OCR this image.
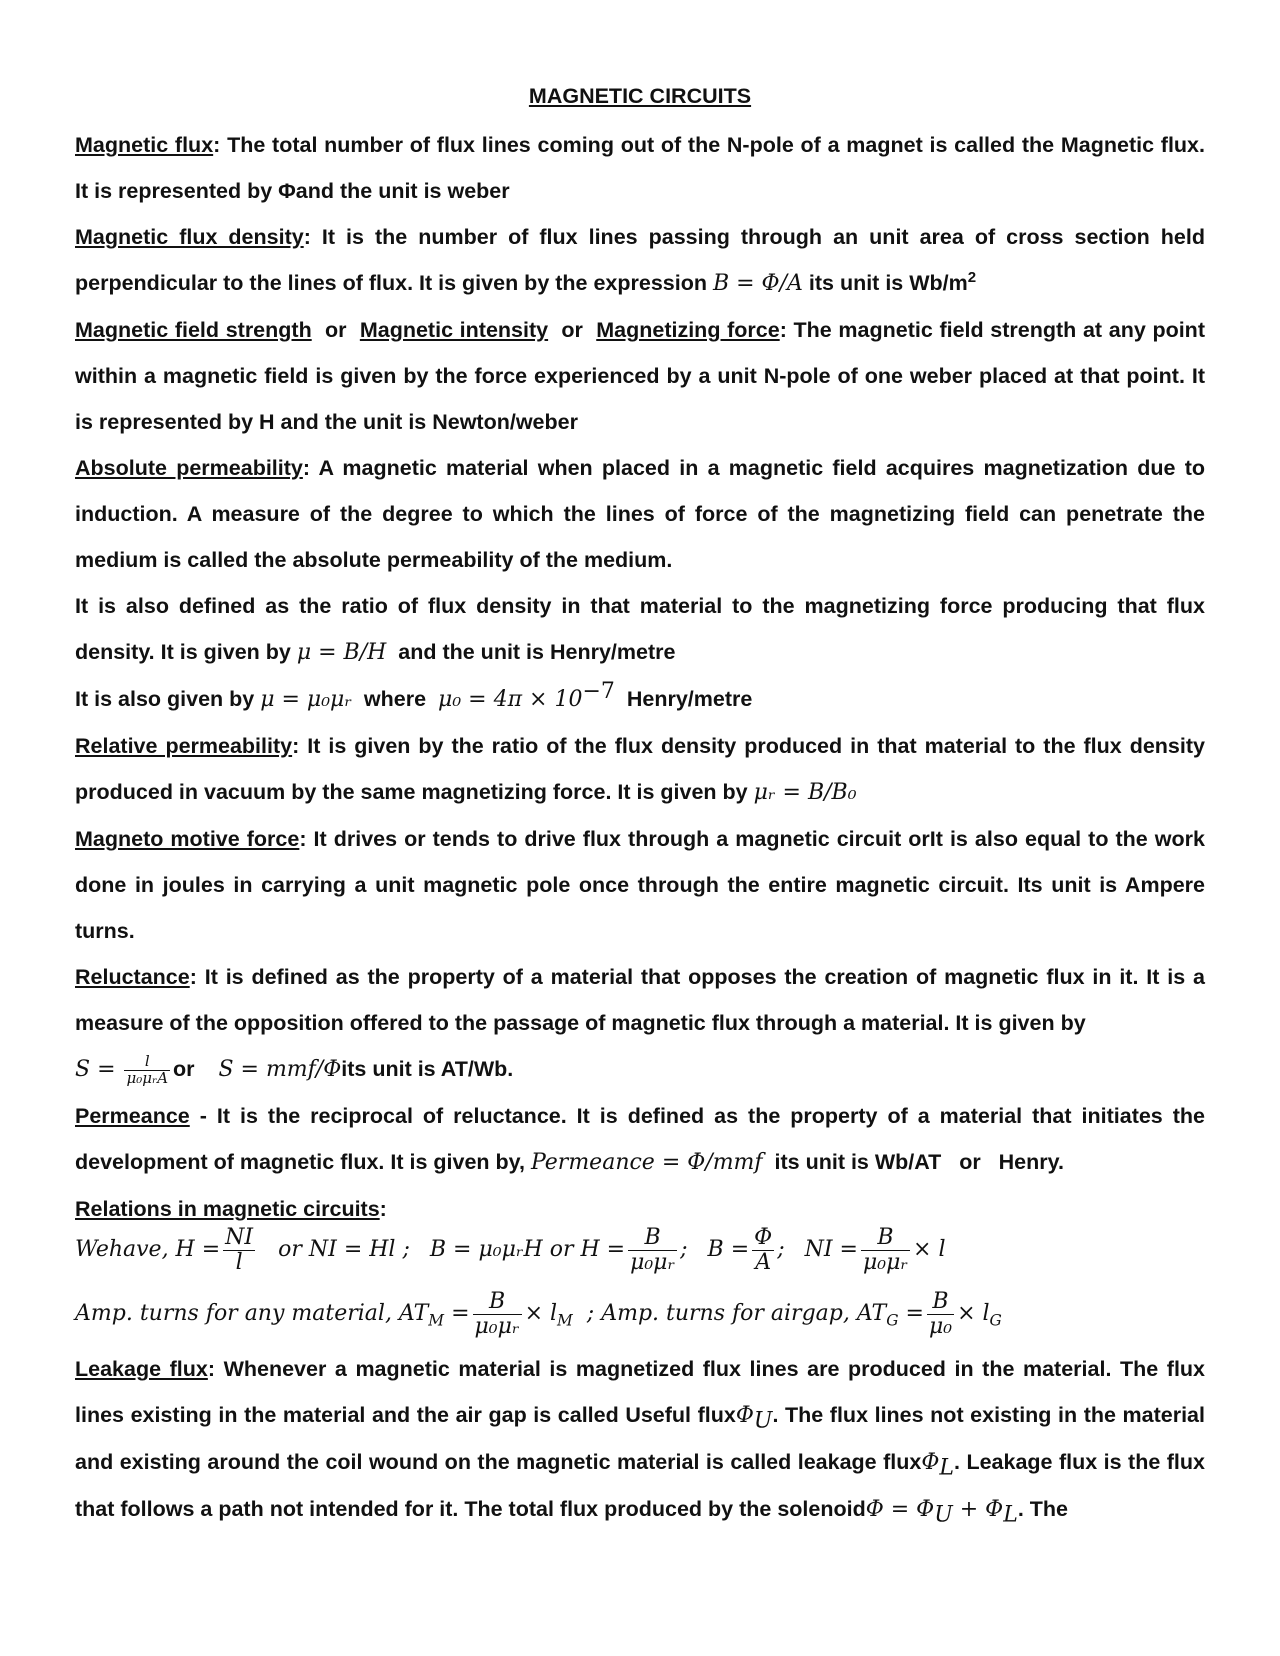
MAGNETIC CIRCUITS
Magnetic flux: The total number of flux lines coming out of the N-pole of a magnet is called the Magnetic flux. It is represented by Φand the unit is weber
Magnetic flux density: It is the number of flux lines passing through an unit area of cross section held perpendicular to the lines of flux. It is given by the expression B = Φ/A its unit is $Wb/m^2$
Magnetic field strength  or  Magnetic intensity  or  Magnetizing force: The magnetic field strength at any point within a magnetic field is given by the force experienced by a unit N-pole of one weber placed at that point. It is represented by H and the unit is Newton/weber
Absolute permeability: A magnetic material when placed in a magnetic field acquires magnetization due to induction. A measure of the degree to which the lines of force of the magnetizing field can penetrate the medium is called the absolute permeability of the medium.
It is also defined as the ratio of flux density in that material to the magnetizing force producing that flux density. It is given by μ = B/H  and the unit is Henry/metre
It is also given by μ = μ₀μᵣ  where  $\mu_0 = 4\pi \times 10^{-7}$  Henry/metre
Relative permeability: It is given by the ratio of the flux density produced in that material to the flux density produced in vacuum by the same magnetizing force. It is given by μᵣ = B/B₀
Magneto motive force: It drives or tends to drive flux through a magnetic circuit orIt is also equal to the work done in joules in carrying a unit magnetic pole once through the entire magnetic circuit. Its unit is Ampere turns.
Reluctance: It is defined as the property of a material that opposes the creation of magnetic flux in it. It is a measure of the opposition offered to the passage of magnetic flux through a material. It is given by
$S = \frac{l}{\text{μ₀μᵣA}}$ or S = mmf/Φits unit is AT/Wb.
Permeance - It is the reciprocal of reluctance. It is defined as the property of a material that initiates the development of magnetic flux. It is given by, Permeance = Φ/mmf  its unit is Wb/AT   or   Henry.
Relations in magnetic circuits:
Wehave, $H = \frac{NI}{l}$ or NI = Hl ; B = μ₀μᵣH or $H = \frac{B}{\text{μ₀μᵣ}}$ ; $B = \frac{\Phi}{A}$ ; NI = $\frac{B}{\text{μ₀μᵣ}} \times l$
Amp. turns for any material, $AT_M = \frac{B}{\text{μ₀μᵣ}} \times l_M$ ; Amp. turns for airgap, $AT_G = \frac{B}{\text{μ₀}} \times l_G$
Leakage flux: Whenever a magnetic material is magnetized flux lines are produced in the material. The flux lines existing in the material and the air gap is called Useful fluxΦ$_U$. The flux lines not existing in the material and existing around the coil wound on the magnetic material is called leakage fluxΦ$_L$. Leakage flux is the flux that follows a path not intended for it. The total flux produced by the solenoidΦ = $\Phi_U + \Phi_L$. The
